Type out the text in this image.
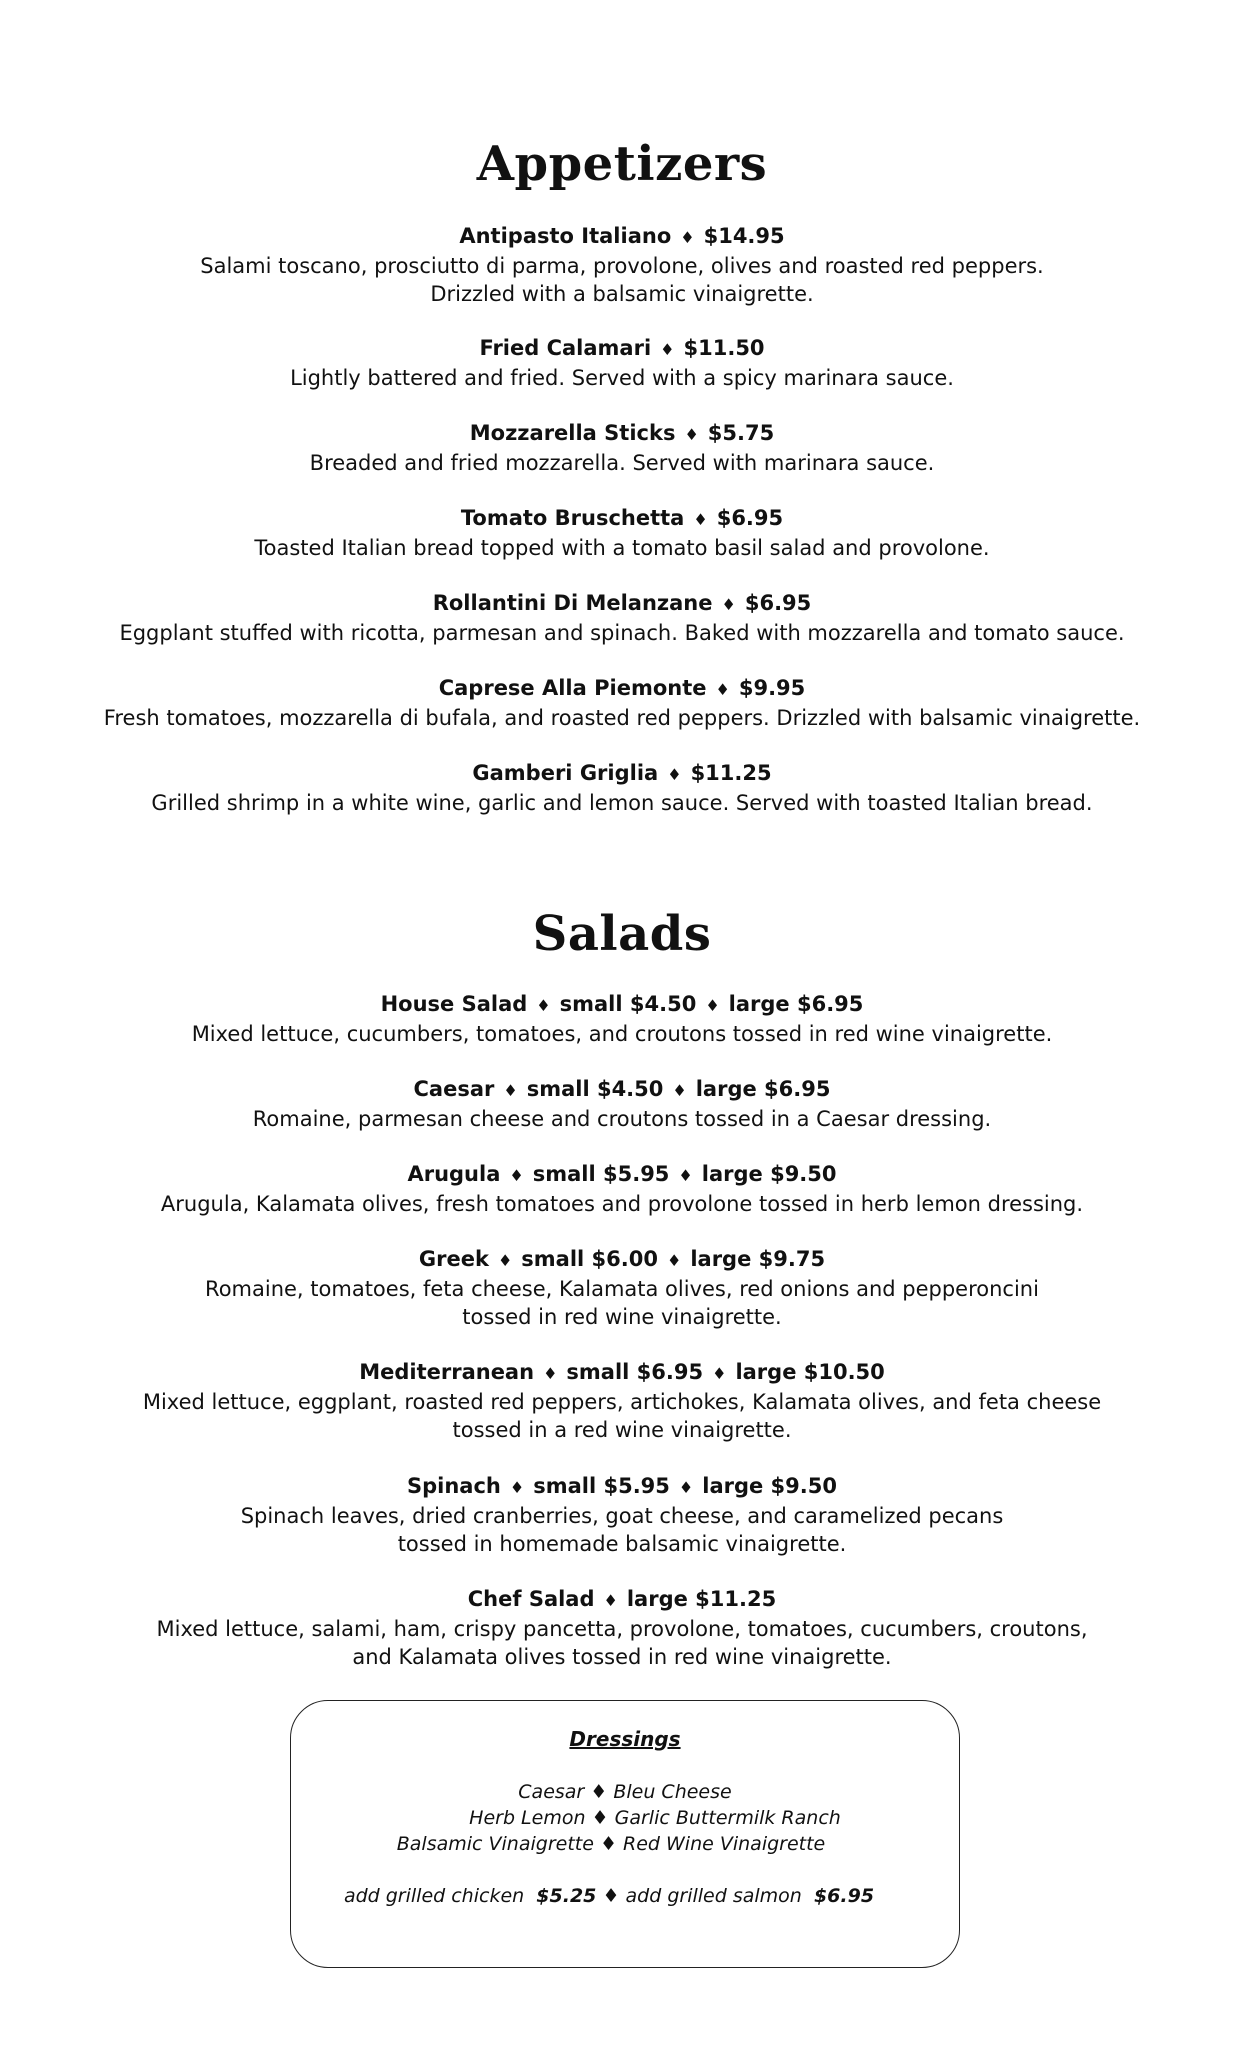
Appetizers
Antipasto Italiano ♦ $14.95
Salami toscano, prosciutto di parma, provolone, olives and roasted red peppers.
Drizzled with a balsamic vinaigrette.
Fried Calamari ♦ $11.50
Lightly battered and fried. Served with a spicy marinara sauce.
Mozzarella Sticks ♦ $5.75
Breaded and fried mozzarella. Served with marinara sauce.
Tomato Bruschetta ♦ $6.95
Toasted Italian bread topped with a tomato basil salad and provolone.
Rollantini Di Melanzane ♦ $6.95
Eggplant stuffed with ricotta, parmesan and spinach. Baked with mozzarella and tomato sauce.
Caprese Alla Piemonte ♦ $9.95
Fresh tomatoes, mozzarella di bufala, and roasted red peppers. Drizzled with balsamic vinaigrette.
Gamberi Griglia ♦ $11.25
Grilled shrimp in a white wine, garlic and lemon sauce. Served with toasted Italian bread.
Salads
House Salad ♦ small $4.50 ♦ large $6.95
Mixed lettuce, cucumbers, tomatoes, and croutons tossed in red wine vinaigrette.
Caesar ♦ small $4.50 ♦ large $6.95
Romaine, parmesan cheese and croutons tossed in a Caesar dressing.
Arugula ♦ small $5.95 ♦ large $9.50
Arugula, Kalamata olives, fresh tomatoes and provolone tossed in herb lemon dressing.
Greek ♦ small $6.00 ♦ large $9.75
Romaine, tomatoes, feta cheese, Kalamata olives, red onions and pepperoncini
tossed in red wine vinaigrette.
Mediterranean ♦ small $6.95 ♦ large $10.50
Mixed lettuce, eggplant, roasted red peppers, artichokes, Kalamata olives, and feta cheese
tossed in a red wine vinaigrette.
Spinach ♦ small $5.95 ♦ large $9.50
Spinach leaves, dried cranberries, goat cheese, and caramelized pecans
tossed in homemade balsamic vinaigrette.
Chef Salad ♦ large $11.25
Mixed lettuce, salami, ham, crispy pancetta, provolone, tomatoes, cucumbers, croutons,
and Kalamata olives tossed in red wine vinaigrette.
Dressings
Caesar ♦ Bleu Cheese
Herb Lemon ♦ Garlic Buttermilk Ranch
Balsamic Vinaigrette ♦ Red Wine Vinaigrette
add grilled chicken $5.25 ♦ add grilled salmon $6.95
